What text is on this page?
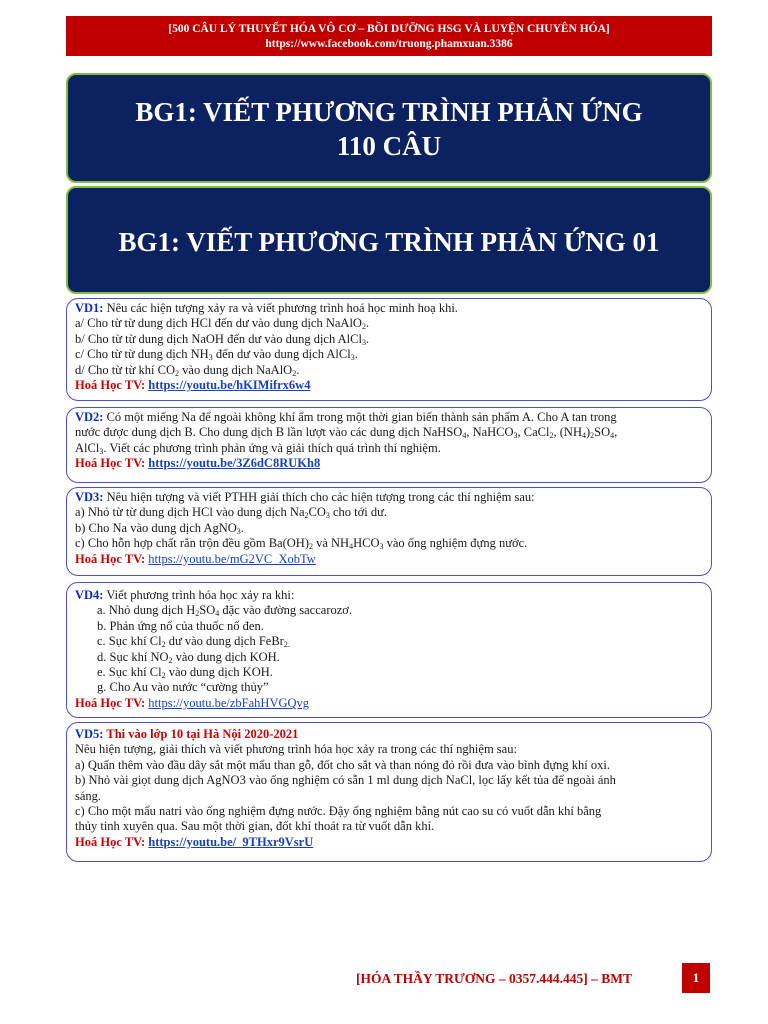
[500 CÂU LÝ THUYẾT HÓA VÔ CƠ – BỒI DƯỠNG HSG VÀ LUYỆN CHUYÊN HÓA]
https://www.facebook.com/truong.phamxuan.3386
BG1: VIẾT PHƯƠNG TRÌNH PHẢN ỨNG
110 CÂU
BG1: VIẾT PHƯƠNG TRÌNH PHẢN ỨNG 01
VD1: Nêu các hiện tượng xảy ra và viết phương trình hoá học minh hoạ khi.
a/ Cho từ từ dung dịch HCl đến dư vào dung dịch NaAlO$_2$.
b/ Cho từ từ dung dịch NaOH đến dư vào dung dịch AlCl$_3$.
c/ Cho từ từ dung dịch $NH_3$ đến dư vào dung dịch AlCl$_3$.
d/ Cho từ từ khí $CO_2$ vào dung dịch NaAlO$_2$.
Hoá Học TV: https://youtu.be/hKIMifrx6w4
VD2: Có một miếng Na để ngoài không khí ẩm trong một thời gian biến thành sản phẩm A. Cho A tan trong
nước được dung dịch B. Cho dung dịch B lần lượt vào các dung dịch NaHSO$_4$, NaHCO$_3$, CaCl$_2$, $(NH_4)_2SO_4$,
AlCl$_3$. Viết các phương trình phản ứng và giải thích quá trình thí nghiệm.
Hoá Học TV: https://youtu.be/3Z6dC8RUKh8
VD3: Nêu hiện tượng và viết PTHH giải thích cho các hiện tượng trong các thí nghiệm sau:
a) Nhỏ từ từ dung dịch HCl vào dung dịch $Na_2CO_3$ cho tới dư.
b) Cho Na vào dung dịch AgNO$_3$.
c) Cho hỗn hợp chất rắn trộn đều gồm $Ba(OH)_2$ và $NH_4HCO_3$ vào ống nghiệm đựng nước.
Hoá Học TV: https://youtu.be/mG2VC_XobTw
VD4: Viết phương trình hóa học xảy ra khi:
a. Nhỏ dung dịch $H_2SO_4$ đặc vào đường saccarozơ.
b. Phản ứng nổ của thuốc nổ đen.
c. Sục khí $Cl_2$ dư vào dung dịch FeBr$_{2.}$
d. Sục khí $NO_2$ vào dung dịch KOH.
e. Sục khí $Cl_2$ vào dung dịch KOH.
g. Cho Au vào nước “cường thủy”
Hoá Học TV: https://youtu.be/zbFahHVGQvg
VD5: Thi vào lớp 10 tại Hà Nội 2020-2021
Nêu hiện tượng, giải thích và viết phương trình hóa học xảy ra trong các thí nghiệm sau:
a) Quấn thêm vào đầu dây sắt một mẩu than gỗ, đốt cho sắt và than nóng đỏ rồi đưa vào bình đựng khí oxi.
b) Nhỏ vài giọt dung dịch AgNO3 vào ống nghiệm có sẵn 1 ml dung dịch NaCl, lọc lấy kết tủa để ngoài ánh
sáng.
c) Cho một mẩu natri vào ống nghiệm đựng nước. Đậy ống nghiệm bằng nút cao su có vuốt dẫn khí bằng
thủy tinh xuyên qua. Sau một thời gian, đốt khí thoát ra từ vuốt dẫn khí.
Hoá Học TV: https://youtu.be/_9THxr9VsrU
[HÓA THẦY TRƯƠNG – 0357.444.445] – BMT	1
